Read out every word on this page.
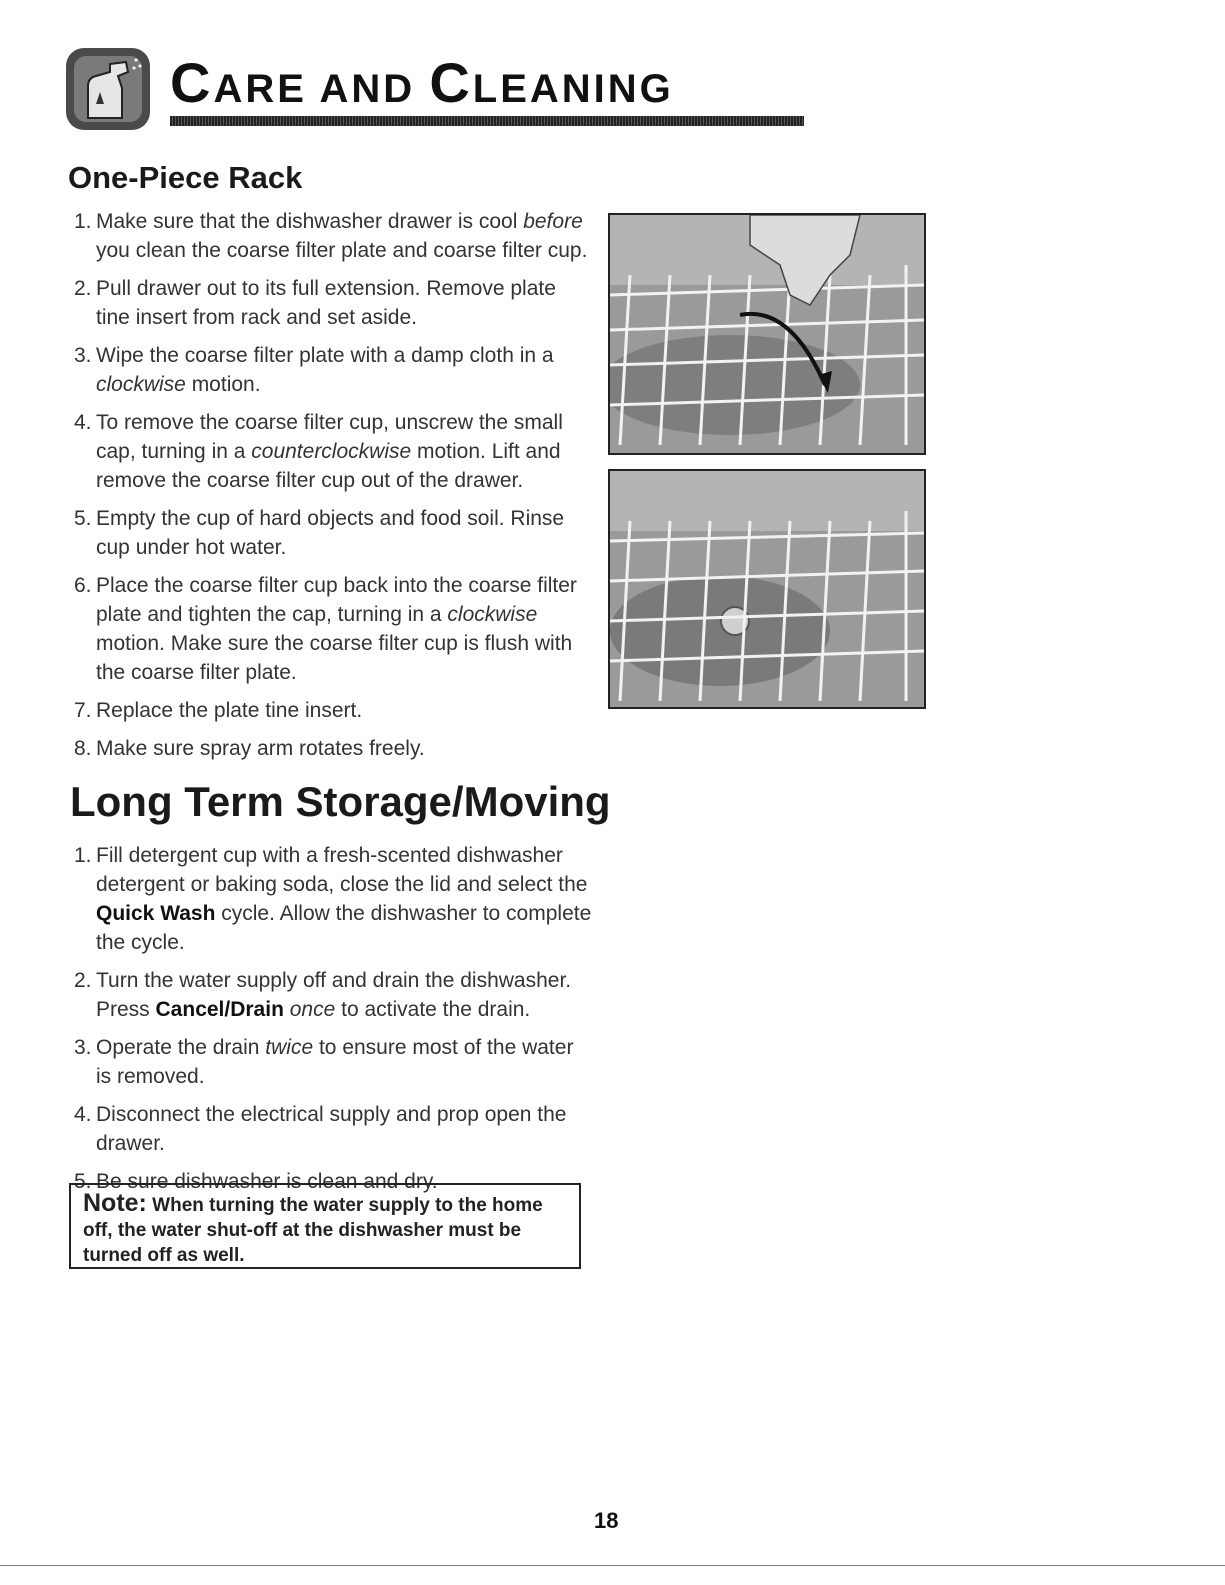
CARE AND CLEANING
One-Piece Rack
1. Make sure that the dishwasher drawer is cool before you clean the coarse filter plate and coarse filter cup.
2. Pull drawer out to its full extension. Remove plate tine insert from rack and set aside.
3. Wipe the coarse filter plate with a damp cloth in a clockwise motion.
4. To remove the coarse filter cup, unscrew the small cap, turning in a counterclockwise motion. Lift and remove the coarse filter cup out of the drawer.
5. Empty the cup of hard objects and food soil. Rinse cup under hot water.
6. Place the coarse filter cup back into the coarse filter plate and tighten the cap, turning in a clockwise motion. Make sure the coarse filter cup is flush with the coarse filter plate.
7. Replace the plate tine insert.
8. Make sure spray arm rotates freely.
Long Term Storage/Moving
1. Fill detergent cup with a fresh-scented dishwasher detergent or baking soda, close the lid and select the Quick Wash cycle. Allow the dishwasher to complete the cycle.
2. Turn the water supply off and drain the dishwasher. Press Cancel/Drain once to activate the drain.
3. Operate the drain twice to ensure most of the water is removed.
4. Disconnect the electrical supply and prop open the drawer.
5. Be sure dishwasher is clean and dry.
Note: When turning the water supply to the home off, the water shut-off at the dishwasher must be turned off as well.
18
